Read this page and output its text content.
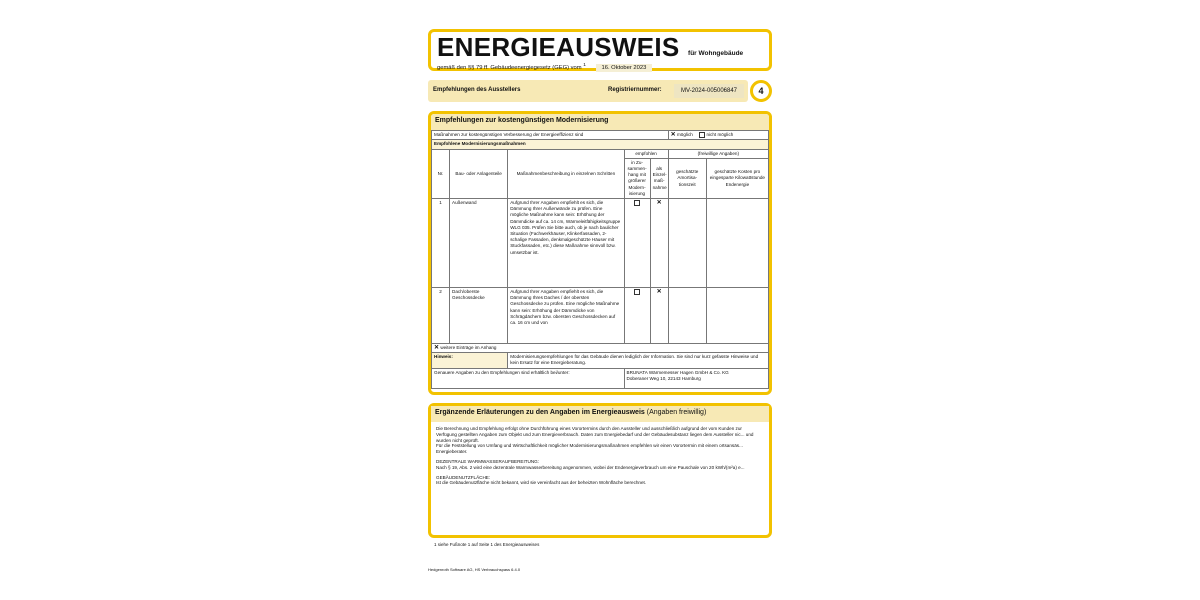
ENERGIEAUSWEIS für Wohngebäude
gemäß den §§ 79 ff. Gebäudeenergiegesetz (GEG) vom $^1$	16. Oktober 2023
Empfehlungen des Ausstellers	Registriernummer:	MV-2024-005006847	4
Empfehlungen zur kostengünstigen Modernisierung
Maßnahmen zur kostengünstigen Verbesserung der Energieeffizienz sind					✕ möglich nicht möglich	
Empfohlene Modernisierungsmaßnahmen						
Nr.	Bau- oder Anlagenteile	Maßnahmenbeschreibung in einzelnen Schritten	empfohlen		(freiwillige Angaben)	
			in Zu-sammen-hang mit größerer Modern-isierung	als Einzel-maß-nahme	geschätzte Amortisa-tionszeit	geschätzte Kosten pro eingesparte Kilowattstunde Endenergie
1	Außenwand	Aufgrund Ihrer Angaben empfiehlt es sich, die Dämmung Ihrer Außenwände zu prüfen. Eine mögliche Maßnahme kann sein: Erhöhung der Dämmdicke auf ca. 14 cm, Wärmeleitfähigkeitsgruppe WLG 035. Prüfen Sie bitte auch, ob je nach baulicher Situation (Fachwerkhäuser, Klinkerfassaden, 2-schalige Fassaden, denkmalgeschützte Häuser mit Stuckfassaden, etc.) diese Maßnahme sinnvoll bzw. umsetzbar ist.		✕		
2	Dach/oberste Geschossdecke	Aufgrund Ihrer Angaben empfiehlt es sich, die Dämmung Ihres Daches / der obersten Geschossdecke zu prüfen. Eine mögliche Maßnahme kann sein: Erhöhung der Dämmdicke von Schrägdächern bzw. obersten Geschossdecken auf ca. 16 cm und von		✕		
✕ weitere Einträge im Anhang						
Hinweis:		Modernisierungsempfehlungen für das Gebäude dienen lediglich der Information. Sie sind nur kurz gefasste Hinweise und kein Ersatz für eine Energieberatung.				
Genauere Angaben zu den Empfehlungen sind erhältlich bei/unter:			BRUNATA Wärmemesser Hagen GmbH & Co. KG
Doberaner Weg 10, 22143 Hamburg			
Ergänzende Erläuterungen zu den Angaben im Energieausweis (Angaben freiwillig)

Die Berechnung und Empfehlung erfolgt ohne Durchführung eines Vorortermins durch den Aussteller und ausschließlich aufgrund der vom Kunden zur Verfügung gestellten Angaben zum Objekt und zum Energieverbrauch. Daten zum Energiebedarf und der Gebäudesubstanz liegen dem Aussteller nic... und wurden nicht geprüft.

Für die Feststellung von Umfang und Wirtschaftlichkeit möglicher Modernisierungsmaßnahmen empfehlen wir einen Vorortermin mit einem ortsansäs... Energieberater.

DEZENTRALE WARMWASSERAUFBEREITUNG:

Nach § 19, Abs. 2 wird eine dezentrale Warmwasserbereitung angenommen, wobei der Endenergieverbrauch um eine Pauschale von 20 kWh/(m²a) e...

GEBÄUDENUTZFLÄCHE:

Ist die Gebäudenutzfläche nicht bekannt, wird sie vereinfacht aus der beheizten Wohnfläche berechnet.

1 siehe Fußnote 1 auf Seite 1 des Energieausweises
Hedgenroth Software AG, HS Verbrauchspass 6.4.0
